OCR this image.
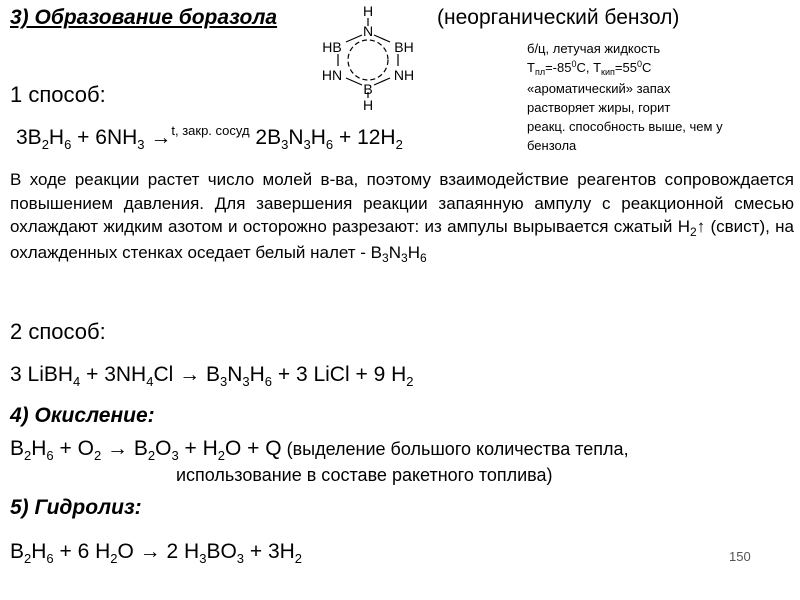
3) Образование боразола	(неорганический бензол)
H
N
HB	BH
HN	NH
B
H
б/ц, летучая жидкость
$Т_{пл}=-85^0С$, $Т_{кип}=55^0С$
«ароматический» запах
растворяет жиры, горит
реакц. способность выше, чем у
бензола
1 способ:
$3B_2H_6 + 6NH_3 \to^{t, закр. сосуд}$ $2B_3N_3H_6 + 12H_2$
В ходе реакции растет число молей в-ва, поэтому взаимодействие реагентов сопровождается повышением давления. Для завершения реакции запаянную ампулу с реакционной смесью охлаждают жидким азотом и осторожно разрезают: из ампулы вырывается сжатый $Н_2↑$ (свист), на охлажденных стенках оседает белый налет - $B_3N_3H_6$
2 способ:
3 LiBH$_4$ + $3NH_4Cl \to B_3N_3H_6 + 3$ LiCl + 9 $H_2$
4) Окисление:
$B_2H_6 + O_2 \to B_2O_3 + H_2O + Q$ (выделение большого количества тепла,
использование в составе ракетного топлива)
5) Гидролиз:
$B_2H_6 + 6$ $H_2O \to 2$ $H_3BO_3 + 3H_2$	150
